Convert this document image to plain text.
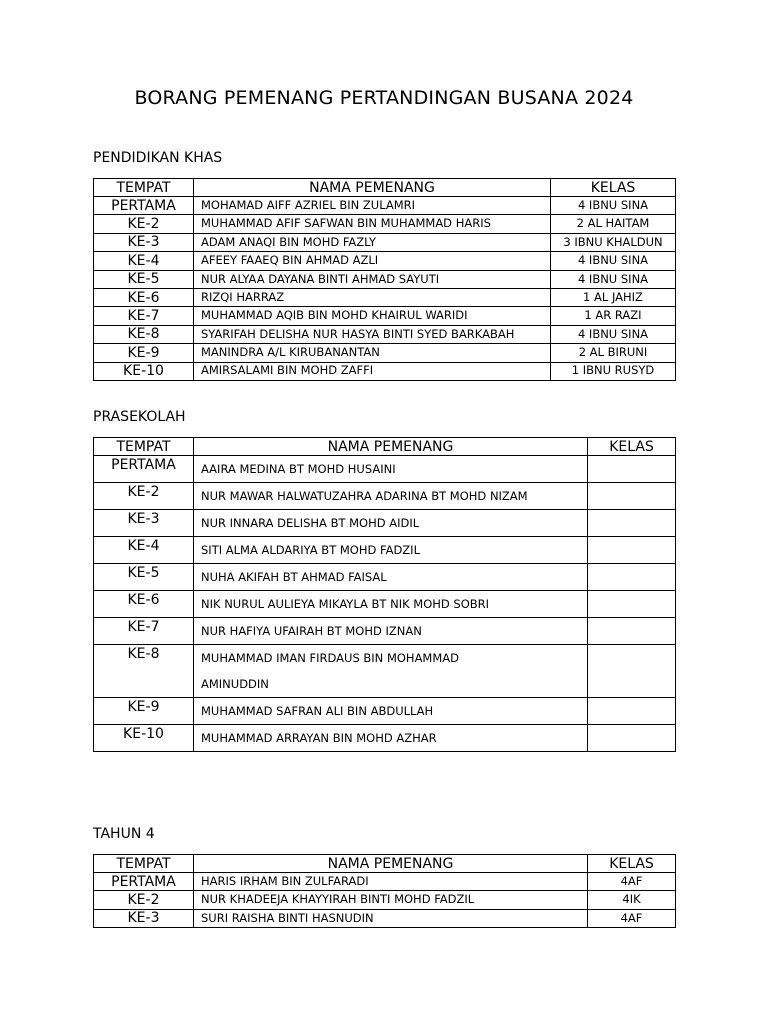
BORANG PEMENANG PERTANDINGAN BUSANA 2024
PENDIDIKAN KHAS
TEMPAT	NAMA PEMENANG	KELAS
PERTAMA	MOHAMAD AIFF AZRIEL BIN ZULAMRI	4 IBNU SINA
KE-2	MUHAMMAD AFIF SAFWAN BIN MUHAMMAD HARIS	2 AL HAITAM
KE-3	ADAM ANAQI BIN MOHD FAZLY	3 IBNU KHALDUN
KE-4	AFEEY FAAEQ BIN AHMAD AZLI	4 IBNU SINA
KE-5	NUR ALYAA DAYANA BINTI AHMAD SAYUTI	4 IBNU SINA
KE-6	RIZQI HARRAZ	1 AL JAHIZ
KE-7	MUHAMMAD AQIB BIN MOHD KHAIRUL WARIDI	1 AR RAZI
KE-8	SYARIFAH DELISHA NUR HASYA BINTI SYED BARKABAH	4 IBNU SINA
KE-9	MANINDRA A/L KIRUBANANTAN	2 AL BIRUNI
KE-10	AMIRSALAMI BIN MOHD ZAFFI	1 IBNU RUSYD
PRASEKOLAH
TEMPAT	NAMA PEMENANG	KELAS
PERTAMA	AAIRA MEDINA BT MOHD HUSAINI	
KE-2	NUR MAWAR HALWATUZAHRA ADARINA BT MOHD NIZAM	
KE-3	NUR INNARA DELISHA BT MOHD AIDIL	
KE-4	SITI ALMA ALDARIYA BT MOHD FADZIL	
KE-5	NUHA AKIFAH BT AHMAD FAISAL	
KE-6	NIK NURUL AULIEYA MIKAYLA BT NIK MOHD SOBRI	
KE-7	NUR HAFIYA UFAIRAH BT MOHD IZNAN	
KE-8	MUHAMMAD IMAN FIRDAUS BIN MOHAMMAD AMINUDDIN	
KE-9	MUHAMMAD SAFRAN ALI BIN ABDULLAH	
KE-10	MUHAMMAD ARRAYAN BIN MOHD AZHAR	
TAHUN 4
TEMPAT	NAMA PEMENANG	KELAS
PERTAMA	HARIS IRHAM BIN ZULFARADI	4AF
KE-2	NUR KHADEEJA KHAYYIRAH BINTI MOHD FADZIL	4IK
KE-3	SURI RAISHA BINTI HASNUDIN	4AF
